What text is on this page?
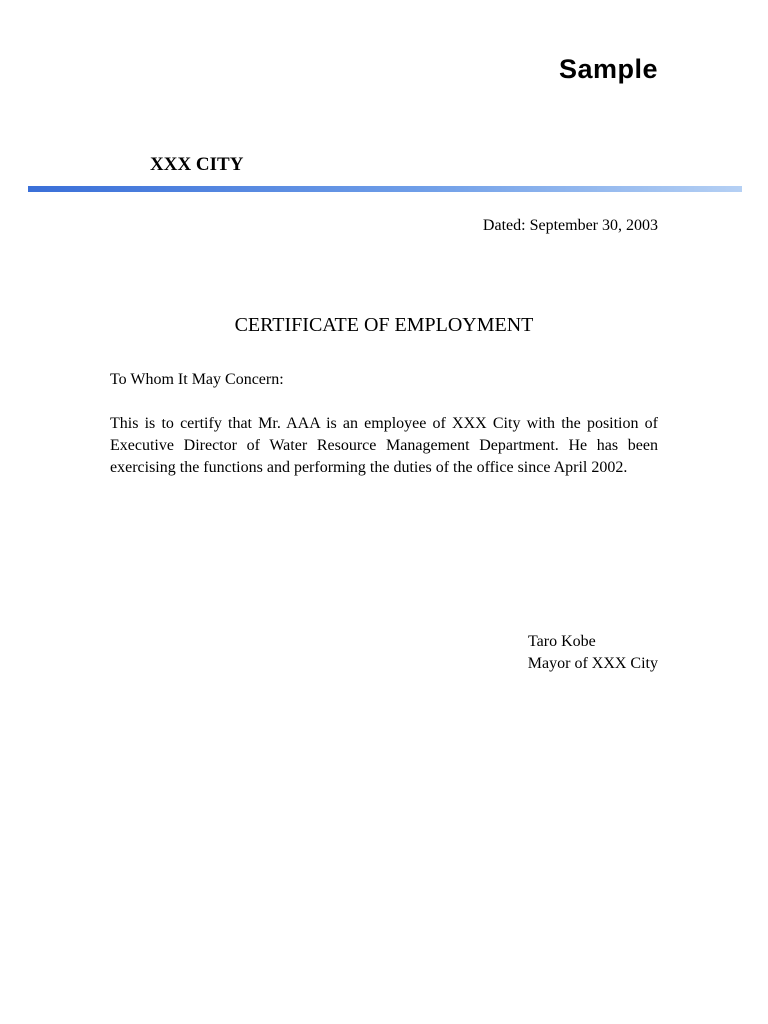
Sample
XXX CITY
Dated: September 30, 2003
CERTIFICATE OF EMPLOYMENT
To Whom It May Concern:
This is to certify that Mr. AAA is an employee of XXX City with the position of Executive Director of Water Resource Management Department. He has been exercising the functions and performing the duties of the office since April 2002.
Taro Kobe
Mayor of XXX City
